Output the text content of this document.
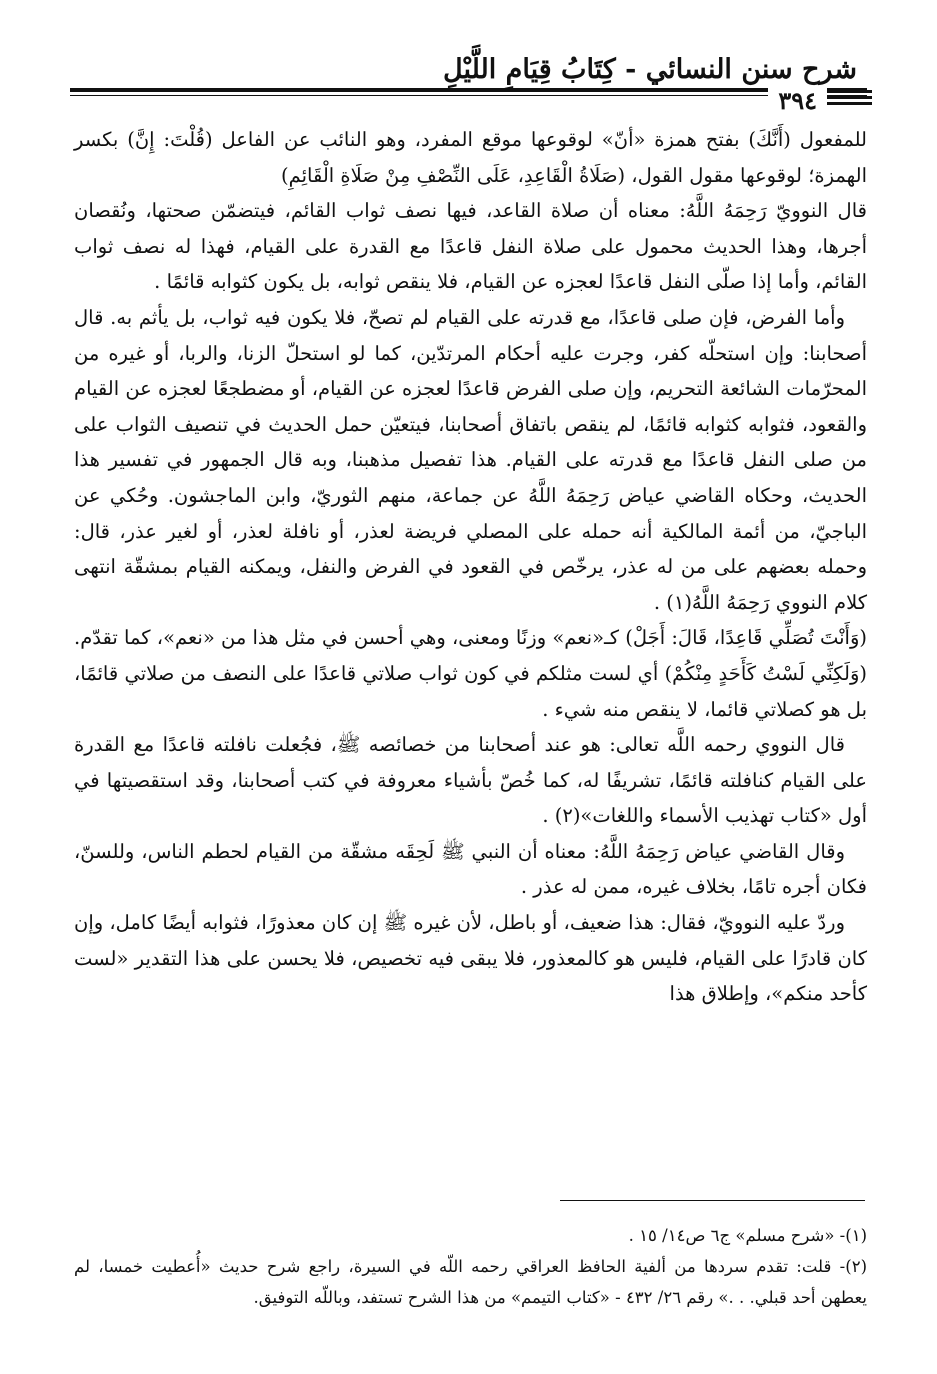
شرح سنن النسائي - كِتَابُ قِيَامِ اللَّيْلِ
٣٩٤

للمفعول (أَنَّكَ) بفتح همزة «أنّ» لوقوعها موقع المفرد، وهو النائب عن الفاعل (قُلْتَ: إِنَّ) بكسر الهمزة؛ لوقوعها مقول القول، (صَلَاةُ الْقَاعِدِ، عَلَى النِّصْفِ مِنْ صَلَاةِ الْقَائِمِ)

قال النوويّ رَحِمَهُ اللَّهُ: معناه أن صلاة القاعد، فيها نصف ثواب القائم، فيتضمّن صحتها، ونُقصان أجرها، وهذا الحديث محمول على صلاة النفل قاعدًا مع القدرة على القيام، فهذا له نصف ثواب القائم، وأما إذا صلّى النفل قاعدًا لعجزه عن القيام، فلا ينقص ثوابه، بل يكون كثوابه قائمًا .

وأما الفرض، فإن صلى قاعدًا، مع قدرته على القيام لم تصحّ، فلا يكون فيه ثواب، بل يأثم به. قال أصحابنا: وإن استحلّه كفر، وجرت عليه أحكام المرتدّين، كما لو استحلّ الزنا، والربا، أو غيره من المحرّمات الشائعة التحريم، وإن صلى الفرض قاعدًا لعجزه عن القيام، أو مضطجعًا لعجزه عن القيام والقعود، فثوابه كثوابه قائمًا، لم ينقص باتفاق أصحابنا، فيتعيّن حمل الحديث في تنصيف الثواب على من صلى النفل قاعدًا مع قدرته على القيام. هذا تفصيل مذهبنا، وبه قال الجمهور في تفسير هذا الحديث، وحكاه القاضي عياض رَحِمَهُ اللَّهُ عن جماعة، منهم الثوريّ، وابن الماجشون. وحُكي عن الباجيّ، من أئمة المالكية أنه حمله على المصلي فريضة لعذر، أو نافلة لعذر، أو لغير عذر، قال: وحمله بعضهم على من له عذر، يرخّص في القعود في الفرض والنفل، ويمكنه القيام بمشقّة انتهى كلام النووي رَحِمَهُ اللَّهُ(١) .

(وَأَنْتَ تُصَلِّي قَاعِدًا، قَالَ: أَجَلْ) كـ«نعم» وزنًا ومعنى، وهي أحسن في مثل هذا من «نعم»، كما تقدّم. (وَلَكِنِّي لَسْتُ كَأَحَدٍ مِنْكُمْ) أي لست مثلكم في كون ثواب صلاتي قاعدًا على النصف من صلاتي قائمًا، بل هو كصلاتي قائما، لا ينقص منه شيء .

قال النووي رحمه اللَّه تعالى: هو عند أصحابنا من خصائصه ﷺ، فجُعلت نافلته قاعدًا مع القدرة على القيام كنافلته قائمًا، تشريفًا له، كما خُصّ بأشياء معروفة في كتب أصحابنا، وقد استقصيتها في أول «كتاب تهذيب الأسماء واللغات»(٢) .

وقال القاضي عياض رَحِمَهُ اللَّهُ: معناه أن النبي ﷺ لَحِقَه مشقّة من القيام لحطم الناس، وللسنّ، فكان أجره تامًا، بخلاف غيره، ممن له عذر .

وردّ عليه النوويّ، فقال: هذا ضعيف، أو باطل، لأن غيره ﷺ إن كان معذورًا، فثوابه أيضًا كامل، وإن كان قادرًا على القيام، فليس هو كالمعذور، فلا يبقى فيه تخصيص، فلا يحسن على هذا التقدير «لست كأحد منكم»، وإطلاق هذا

(١)- «شرح مسلم» ج٦ ص١٤/ ١٥ .

(٢)- قلت: تقدم سردها من ألفية الحافظ العراقي رحمه اللّه في السيرة، راجع شرح حديث «أُعطيت خمسا، لم يعطهن أحد قبلي. . .» رقم ٢٦/ ٤٣٢ - «كتاب التيمم» من هذا الشرح تستفد، وباللّه التوفيق.
